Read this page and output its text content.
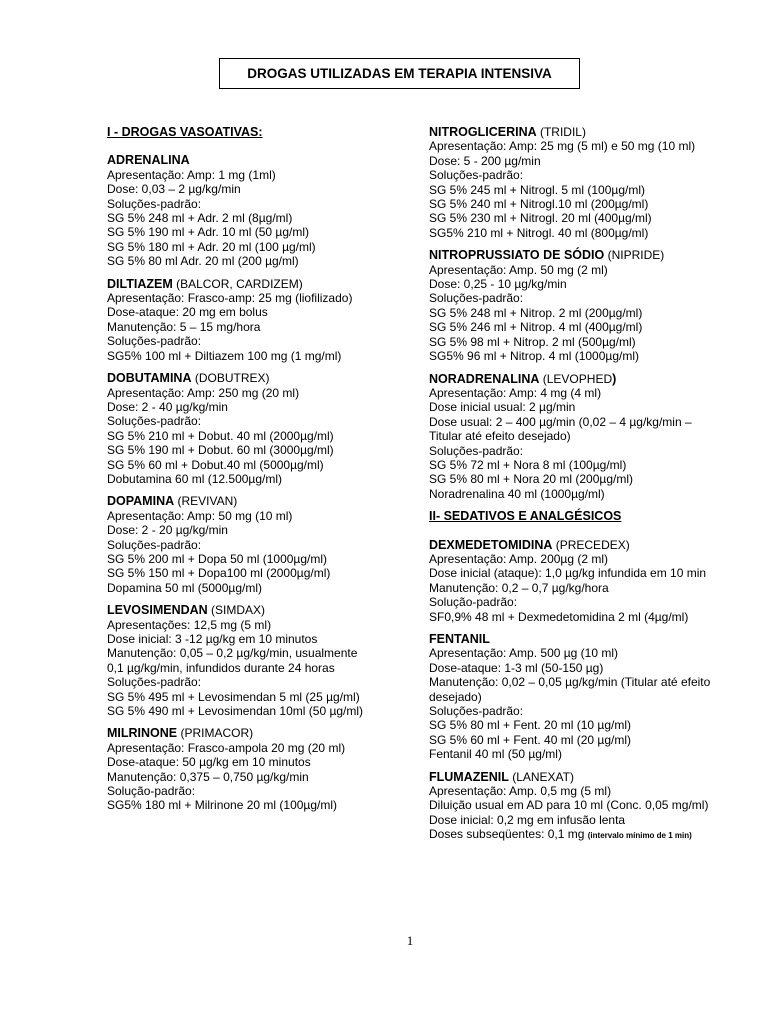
DROGAS UTILIZADAS EM TERAPIA INTENSIVA
I - DROGAS VASOATIVAS:
ADRENALINA
Apresentação: Amp: 1 mg (1ml)
Dose: 0,03 – 2 µg/kg/min
Soluções-padrão:
SG 5% 248 ml + Adr. 2 ml (8µg/ml)
SG 5% 190 ml + Adr. 10 ml (50 µg/ml)
SG 5% 180 ml + Adr. 20 ml (100 µg/ml)
SG 5% 80 ml Adr. 20 ml (200 µg/ml)
DILTIAZEM (BALCOR, CARDIZEM)
Apresentação: Frasco-amp: 25 mg (liofilizado)
Dose-ataque: 20 mg em bolus
Manutenção: 5 – 15 mg/hora
Soluções-padrão:
SG5% 100 ml + Diltiazem 100 mg (1 mg/ml)
DOBUTAMINA (DOBUTREX)
Apresentação: Amp: 250 mg (20 ml)
Dose: 2 - 40 µg/kg/min
Soluções-padrão:
SG 5% 210 ml + Dobut. 40 ml (2000µg/ml)
SG 5% 190 ml + Dobut. 60 ml (3000µg/ml)
SG 5% 60 ml + Dobut.40 ml (5000µg/ml)
Dobutamina 60 ml (12.500µg/ml)
DOPAMINA (REVIVAN)
Apresentação: Amp: 50 mg (10 ml)
Dose: 2 - 20 µg/kg/min
Soluções-padrão:
SG 5% 200 ml + Dopa 50 ml (1000µg/ml)
SG 5% 150 ml + Dopa100 ml (2000µg/ml)
Dopamina 50 ml (5000µg/ml)
LEVOSIMENDAN (SIMDAX)
Apresentações: 12,5 mg (5 ml)
Dose inicial: 3 -12 µg/kg em 10 minutos
Manutenção: 0,05 – 0,2 µg/kg/min, usualmente
0,1 µg/kg/min, infundidos durante 24 horas
Soluções-padrão:
SG 5% 495 ml + Levosimendan 5 ml (25 µg/ml)
SG 5% 490 ml + Levosimendan 10ml (50 µg/ml)
MILRINONE (PRIMACOR)
Apresentação: Frasco-ampola 20 mg (20 ml)
Dose-ataque: 50 µg/kg em 10 minutos
Manutenção: 0,375 – 0,750 µg/kg/min
Solução-padrão:
SG5% 180 ml + Milrinone 20 ml (100µg/ml)
NITROGLICERINA (TRIDIL)
Apresentação: Amp: 25 mg (5 ml) e 50 mg (10 ml)
Dose: 5 - 200 µg/min
Soluções-padrão:
SG 5% 245 ml + Nitrogl. 5 ml (100µg/ml)
SG 5% 240 ml + Nitrogl.10 ml (200µg/ml)
SG 5% 230 ml + Nitrogl. 20 ml (400µg/ml)
SG5% 210 ml + Nitrogl. 40 ml (800µg/ml)
NITROPRUSSIATO DE SÓDIO (NIPRIDE)
Apresentação: Amp. 50 mg (2 ml)
Dose: 0,25 - 10 µg/kg/min
Soluções-padrão:
SG 5% 248 ml + Nitrop. 2 ml (200µg/ml)
SG 5% 246 ml + Nitrop. 4 ml (400µg/ml)
SG 5% 98 ml + Nitrop. 2 ml (500µg/ml)
SG5% 96 ml + Nitrop. 4 ml (1000µg/ml)
NORADRENALINA (LEVOPHED)
Apresentação: Amp: 4 mg (4 ml)
Dose inicial usual: 2 µg/min
Dose usual: 2 – 400 µg/min (0,02 – 4 µg/kg/min –
Titular até efeito desejado)
Soluções-padrão:
SG 5% 72 ml + Nora 8 ml (100µg/ml)
SG 5% 80 ml + Nora 20 ml (200µg/ml)
Noradrenalina 40 ml (1000µg/ml)
II- SEDATIVOS E ANALGÉSICOS
DEXMEDETOMIDINA (PRECEDEX)
Apresentação: Amp. 200µg (2 ml)
Dose inicial (ataque): 1,0 µg/kg infundida em 10 min
Manutenção: 0,2 – 0,7 µg/kg/hora
Solução-padrão:
SF0,9% 48 ml + Dexmedetomidina 2 ml (4µg/ml)
FENTANIL
Apresentação: Amp. 500 µg (10 ml)
Dose-ataque: 1-3 ml (50-150 µg)
Manutenção: 0,02 – 0,05 µg/kg/min (Titular até efeito
desejado)
Soluções-padrão:
SG 5% 80 ml + Fent. 20 ml (10 µg/ml)
SG 5% 60 ml + Fent. 40 ml (20 µg/ml)
Fentanil 40 ml (50 µg/ml)
FLUMAZENIL (LANEXAT)
Apresentação: Amp. 0,5 mg (5 ml)
Diluição usual em AD para 10 ml (Conc. 0,05 mg/ml)
Dose inicial: 0,2 mg em infusão lenta
Doses subseqüentes: 0,1 mg (intervalo mínimo de 1 min)
1
